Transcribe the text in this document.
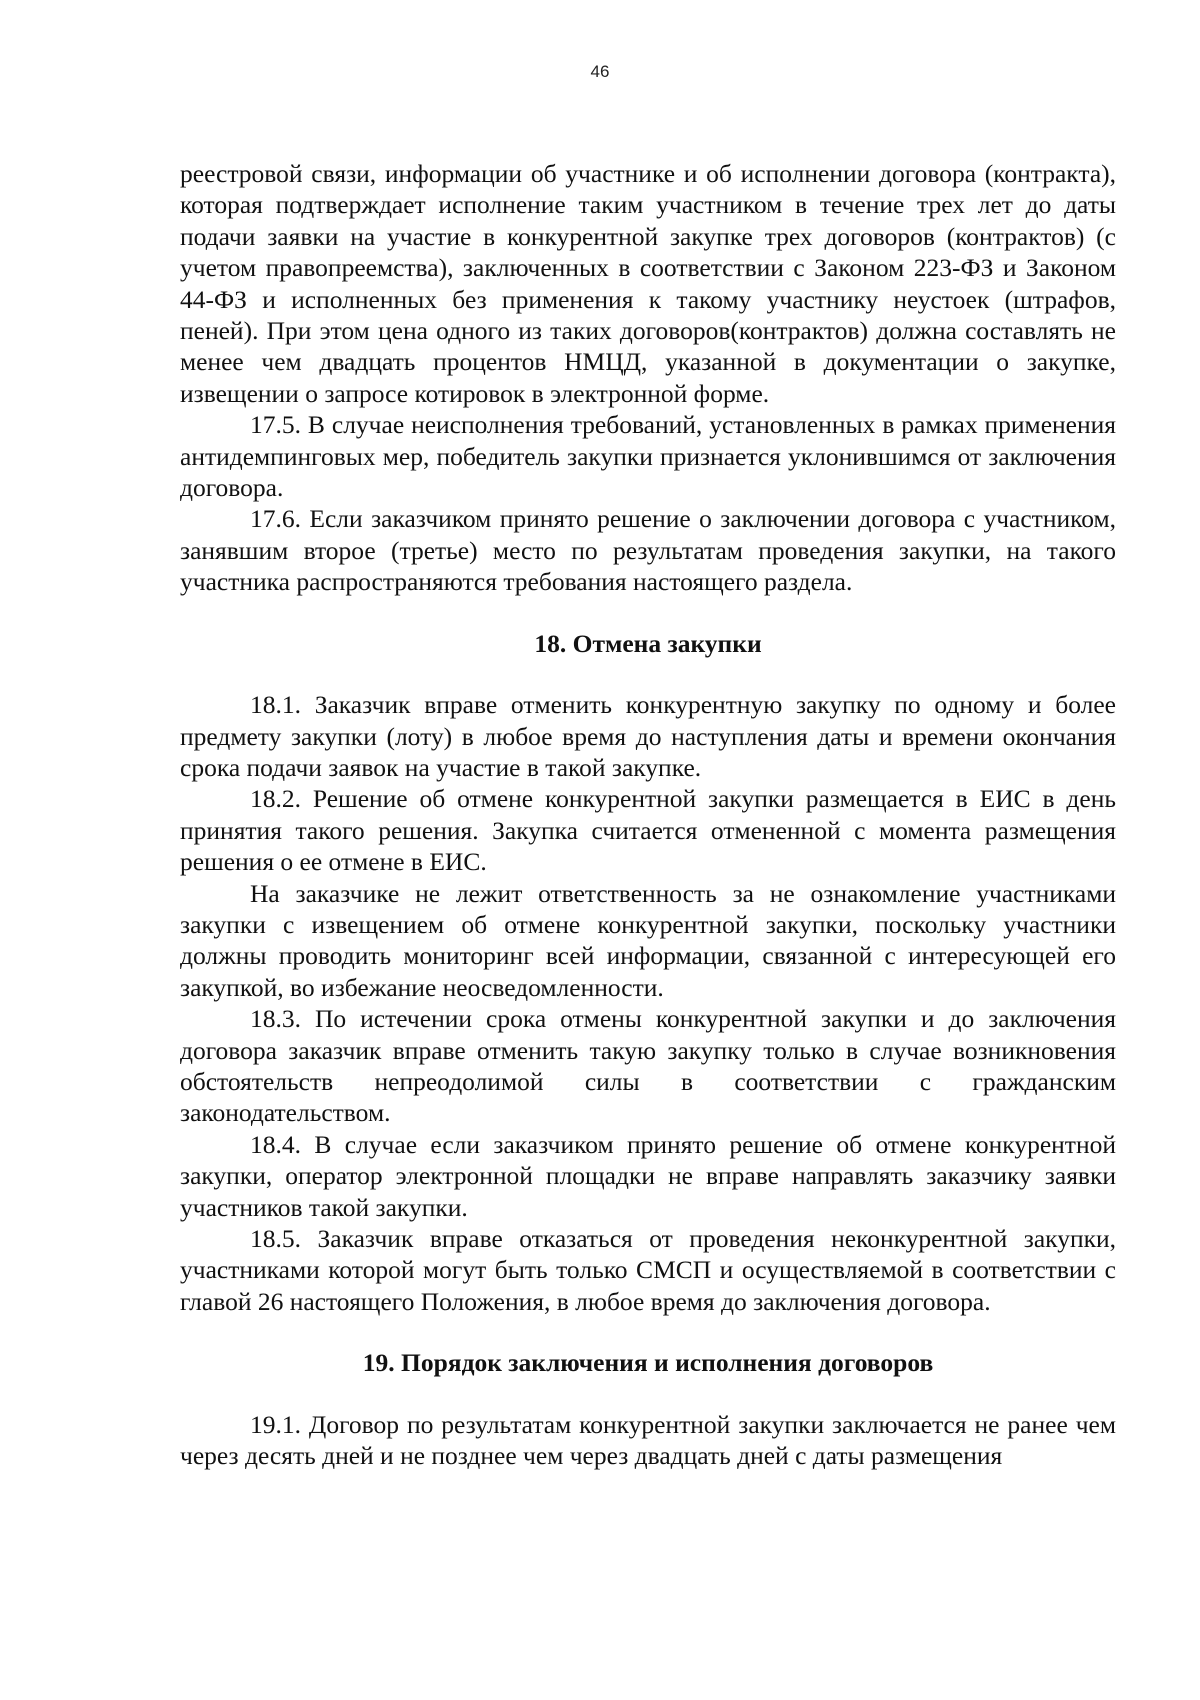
46

реестровой связи, информации об участнике и об исполнении договора (контракта), которая подтверждает исполнение таким участником в течение трех лет до даты подачи заявки на участие в конкурентной закупке трех договоров (контрактов) (с учетом правопреемства), заключенных в соответствии с Законом 223-ФЗ и Законом 44-ФЗ и исполненных без применения к такому участнику неустоек (штрафов, пеней). При этом цена одного из таких договоров(контрактов) должна составлять не менее чем двадцать процентов НМЦД, указанной в документации о закупке, извещении о запросе котировок в электронной форме.

17.5. В случае неисполнения требований, установленных в рамках применения антидемпинговых мер, победитель закупки признается уклонившимся от заключения договора.

17.6. Если заказчиком принято решение о заключении договора с участником, занявшим второе (третье) место по результатам проведения закупки, на такого участника распространяются требования настоящего раздела.

18. Отмена закупки

18.1. Заказчик вправе отменить конкурентную закупку по одному и более предмету закупки (лоту) в любое время до наступления даты и времени окончания срока подачи заявок на участие в такой закупке.

18.2. Решение об отмене конкурентной закупки размещается в ЕИС в день принятия такого решения. Закупка считается отмененной с момента размещения решения о ее отмене в ЕИС.

На заказчике не лежит ответственность за не ознакомление участниками закупки с извещением об отмене конкурентной закупки, поскольку участники должны проводить мониторинг всей информации, связанной с интересующей его закупкой, во избежание неосведомленности.

18.3. По истечении срока отмены конкурентной закупки и до заключения договора заказчик вправе отменить такую закупку только в случае возникновения обстоятельств непреодолимой силы в соответствии с гражданским законодательством.

18.4. В случае если заказчиком принято решение об отмене конкурентной закупки, оператор электронной площадки не вправе направлять заказчику заявки участников такой закупки.

18.5. Заказчик вправе отказаться от проведения неконкурентной закупки, участниками которой могут быть только СМСП и осуществляемой в соответствии с главой 26 настоящего Положения, в любое время до заключения договора.

19. Порядок заключения и исполнения договоров

19.1. Договор по результатам конкурентной закупки заключается не ранее чем через десять дней и не позднее чем через двадцать дней с даты размещения
